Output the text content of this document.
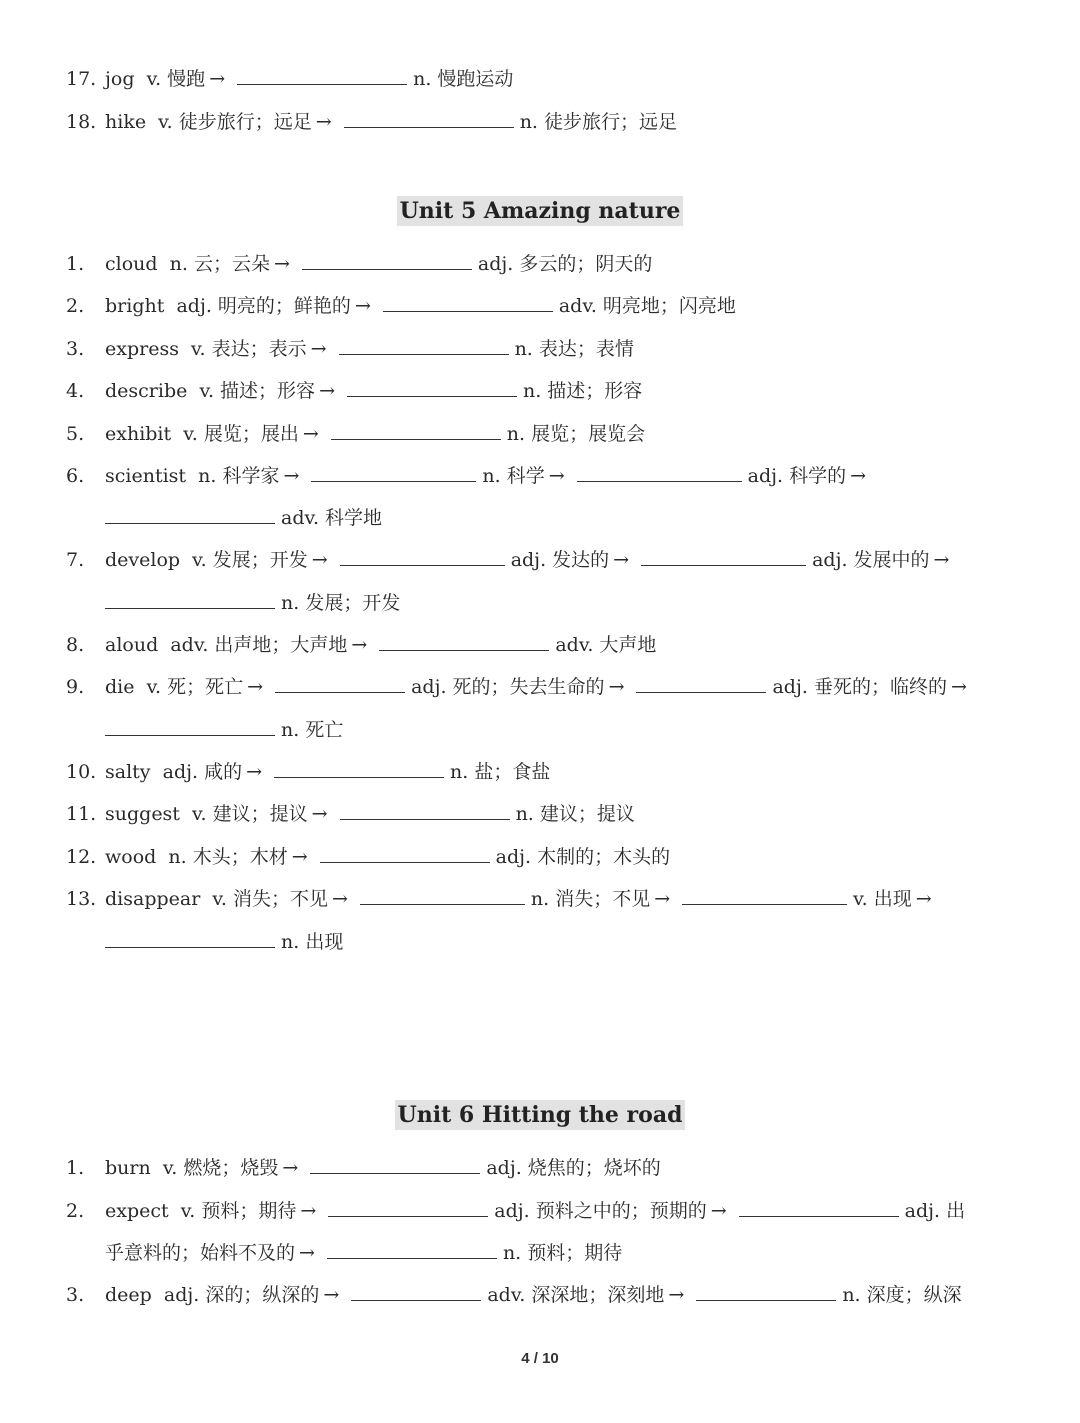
17. jog v. 慢跑 →	n. 慢跑运动
18. hike v. 徒步旅行；远足 →	n. 徒步旅行；远足
Unit 5 Amazing nature
1. cloud n. 云；云朵 →	adj. 多云的；阴天的
2. bright adj. 明亮的；鲜艳的 →	adv. 明亮地；闪亮地
3. express v. 表达；表示 →	n. 表达；表情
4. describe v. 描述；形容 →	n. 描述；形容
5. exhibit v. 展览；展出 →	n. 展览；展览会
6. scientist n. 科学家 →	n. 科学 →	adj. 科学的 →
adv. 科学地
7. develop v. 发展；开发 →	adj. 发达的 →	adj. 发展中的 →
n. 发展；开发
8. aloud adv. 出声地；大声地 →	adv. 大声地
9. die v. 死；死亡 →	adj. 死的；失去生命的 →	adj. 垂死的；临终的 →
n. 死亡
10. salty adj. 咸的 →	n. 盐；食盐
11. suggest v. 建议；提议 →	n. 建议；提议
12. wood n. 木头；木材 →	adj. 木制的；木头的
13. disappear v. 消失；不见 →	n. 消失；不见 →	v. 出现 →
n. 出现
Unit 6 Hitting the road
1. burn v. 燃烧；烧毁 →	adj. 烧焦的；烧坏的
2. expect v. 预料；期待 →	adj. 预料之中的；预期的 →	adj. 出
乎意料的；始料不及的 →	n. 预料；期待
3. deep adj. 深的；纵深的 →	adv. 深深地；深刻地 →	n. 深度；纵深
4 / 10
